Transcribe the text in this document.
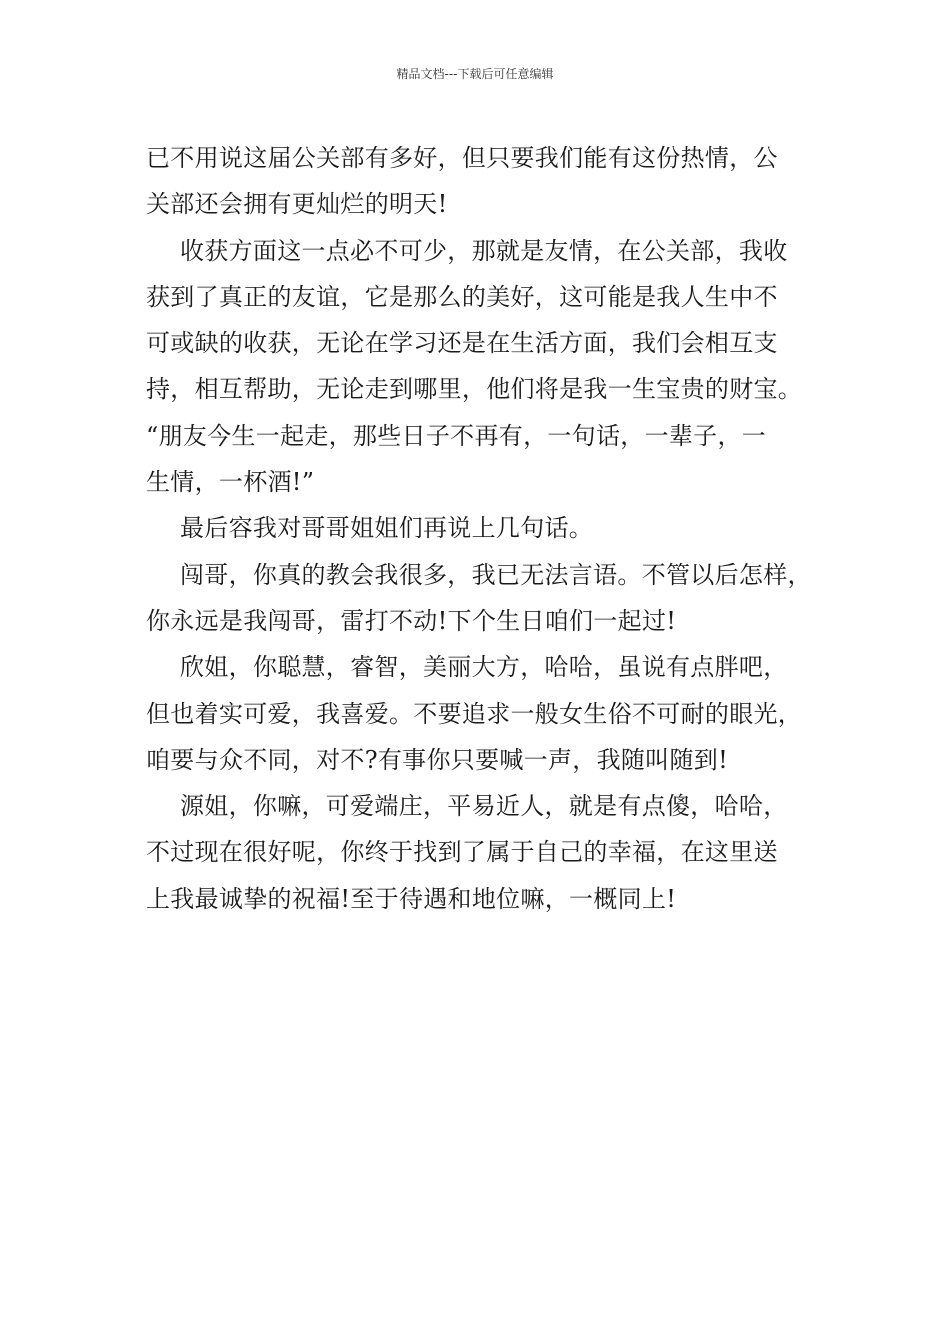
精品文档---下载后可任意编辑
已不用说这届公关部有多好，但只要我们能有这份热情，公
关部还会拥有更灿烂的明天!
收获方面这一点必不可少，那就是友情，在公关部，我收
获到了真正的友谊，它是那么的美好，这可能是我人生中不
可或缺的收获，无论在学习还是在生活方面，我们会相互支
持，相互帮助，无论走到哪里，他们将是我一生宝贵的财宝。
“朋友今生一起走，那些日子不再有，一句话，一辈子，一
生情，一杯酒!”
最后容我对哥哥姐姐们再说上几句话。
闯哥，你真的教会我很多，我已无法言语。不管以后怎样，
你永远是我闯哥，雷打不动!下个生日咱们一起过!
欣姐，你聪慧，睿智，美丽大方，哈哈，虽说有点胖吧，
但也着实可爱，我喜爱。不要追求一般女生俗不可耐的眼光，
咱要与众不同，对不?有事你只要喊一声，我随叫随到!
源姐，你嘛，可爱端庄，平易近人，就是有点傻，哈哈，
不过现在很好呢，你终于找到了属于自己的幸福，在这里送
上我最诚挚的祝福!至于待遇和地位嘛，一概同上!
